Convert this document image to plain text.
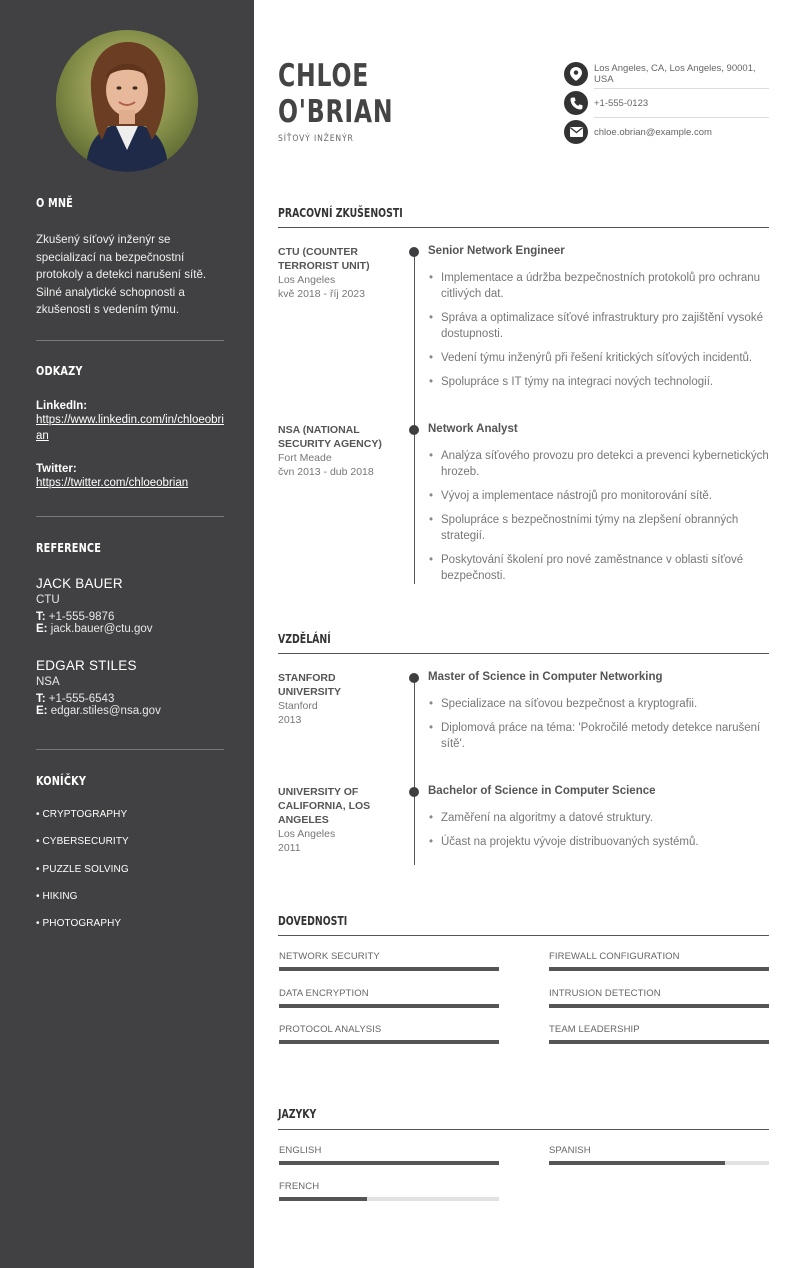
O MNĚ
Zkušený síťový inženýr se specializací na bezpečnostní protokoly a detekci narušení sítě. Silné analytické schopnosti a zkušenosti s vedením týmu.
ODKAZY
LinkedIn:
https://www.linkedin.com/in/chloeobrian
Twitter:
https://twitter.com/chloeobrian
REFERENCE
JACK BAUER
CTU
T: +1-555-9876
E: jack.bauer@ctu.gov
EDGAR STILES
NSA
T: +1-555-6543
E: edgar.stiles@nsa.gov
KONÍČKY
• CRYPTOGRAPHY
• CYBERSECURITY
• PUZZLE SOLVING
• HIKING
• PHOTOGRAPHY
CHLOE
O'BRIAN
SÍŤOVÝ INŽENÝR
Los Angeles, CA, Los Angeles, 90001, USA
+1-555-0123
chloe.obrian@example.com
PRACOVNÍ ZKUŠENOSTI
CTU (COUNTER TERRORIST UNIT)
Los Angeles
kvě 2018 - říj 2023
Senior Network Engineer
• Implementace a údržba bezpečnostních protokolů pro ochranu citlivých dat.
• Správa a optimalizace síťové infrastruktury pro zajištění vysoké dostupnosti.
• Vedení týmu inženýrů při řešení kritických síťových incidentů.
• Spolupráce s IT týmy na integraci nových technologií.
NSA (NATIONAL SECURITY AGENCY)
Fort Meade
čvn 2013 - dub 2018
Network Analyst
• Analýza síťového provozu pro detekci a prevenci kybernetických hrozeb.
• Vývoj a implementace nástrojů pro monitorování sítě.
• Spolupráce s bezpečnostními týmy na zlepšení obranných strategií.
• Poskytování školení pro nové zaměstnance v oblasti síťové bezpečnosti.
VZDĚLÁNÍ
STANFORD UNIVERSITY
Stanford
2013
Master of Science in Computer Networking
• Specializace na síťovou bezpečnost a kryptografii.
• Diplomová práce na téma: 'Pokročilé metody detekce narušení sítě'.
UNIVERSITY OF CALIFORNIA, LOS ANGELES
Los Angeles
2011
Bachelor of Science in Computer Science
• Zaměření na algoritmy a datové struktury.
• Účast na projektu vývoje distribuovaných systémů.
DOVEDNOSTI
NETWORK SECURITY	FIREWALL CONFIGURATION
DATA ENCRYPTION	INTRUSION DETECTION
PROTOCOL ANALYSIS	TEAM LEADERSHIP
JAZYKY
ENGLISH	SPANISH
FRENCH
